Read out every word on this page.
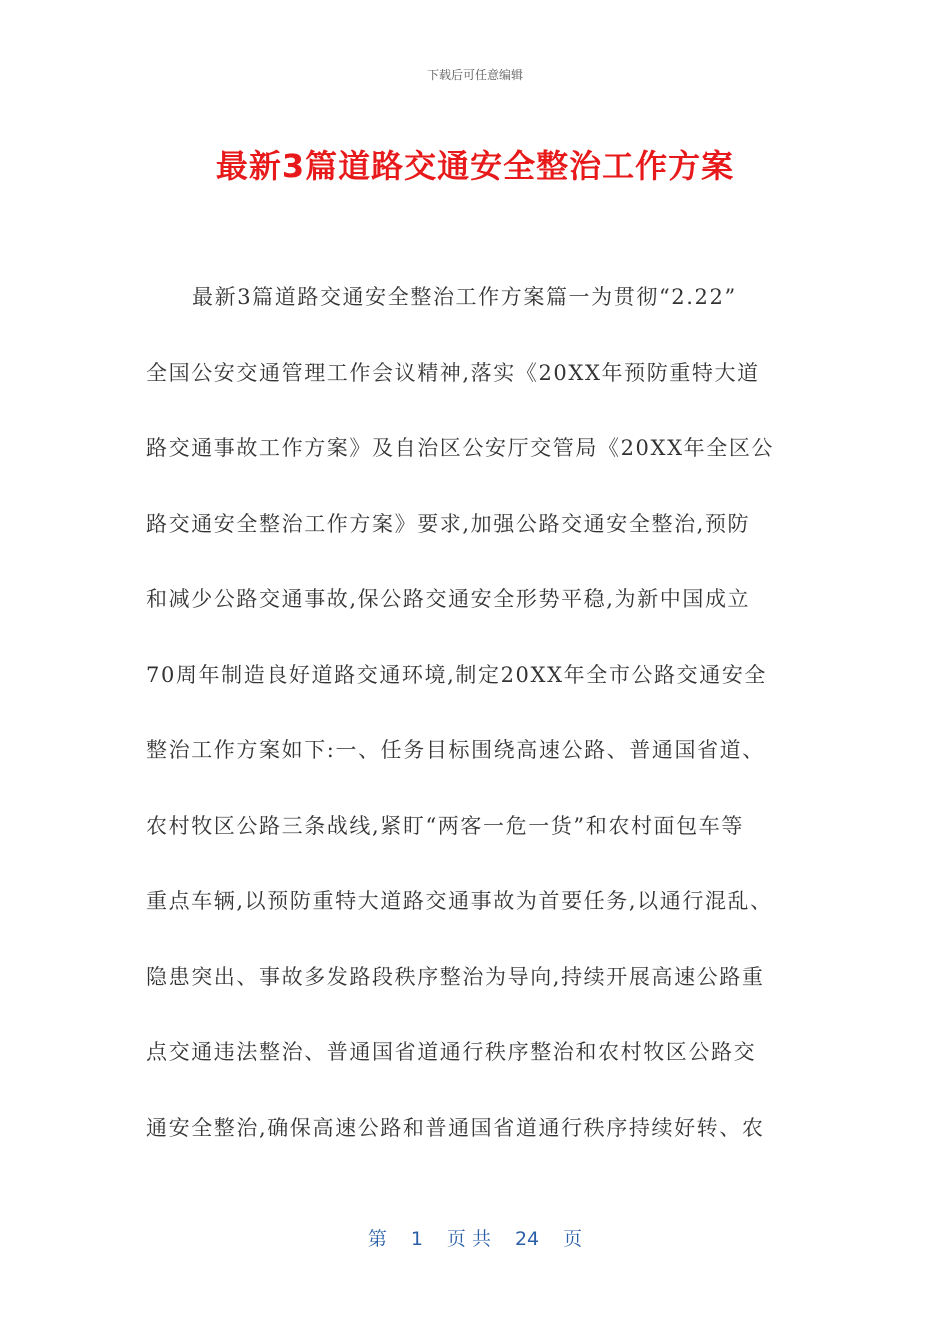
下载后可任意编辑
最新3篇道路交通安全整治工作方案
最新3篇道路交通安全整治工作方案篇一为贯彻“2.22”
全国公安交通管理工作会议精神,落实《20XX年预防重特大道
路交通事故工作方案》及自治区公安厅交管局《20XX年全区公
路交通安全整治工作方案》要求,加强公路交通安全整治,预防
和减少公路交通事故,保公路交通安全形势平稳,为新中国成立
70周年制造良好道路交通环境,制定20XX年全市公路交通安全
整治工作方案如下:一、任务目标围绕高速公路、普通国省道、
农村牧区公路三条战线,紧盯“两客一危一货”和农村面包车等
重点车辆,以预防重特大道路交通事故为首要任务,以通行混乱、
隐患突出、事故多发路段秩序整治为导向,持续开展高速公路重
点交通违法整治、普通国省道通行秩序整治和农村牧区公路交
通安全整治,确保高速公路和普通国省道通行秩序持续好转、农
第 1 页 共 24 页
